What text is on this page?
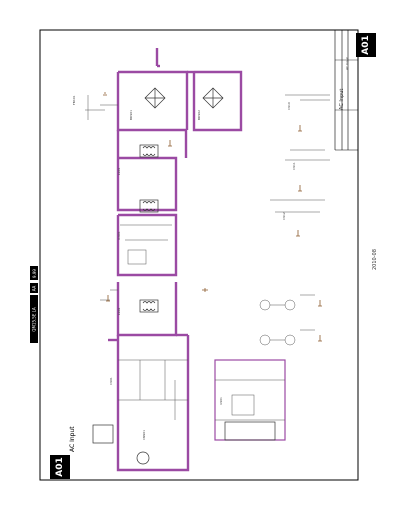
FB401
BD901	BD902
L901
IC901
L902
C901
CN901
C910
C911
C912
U901
A01
A01
AC Input
QM15.5E LA
AA
9.99
2010-08
AC Input
AC Input
